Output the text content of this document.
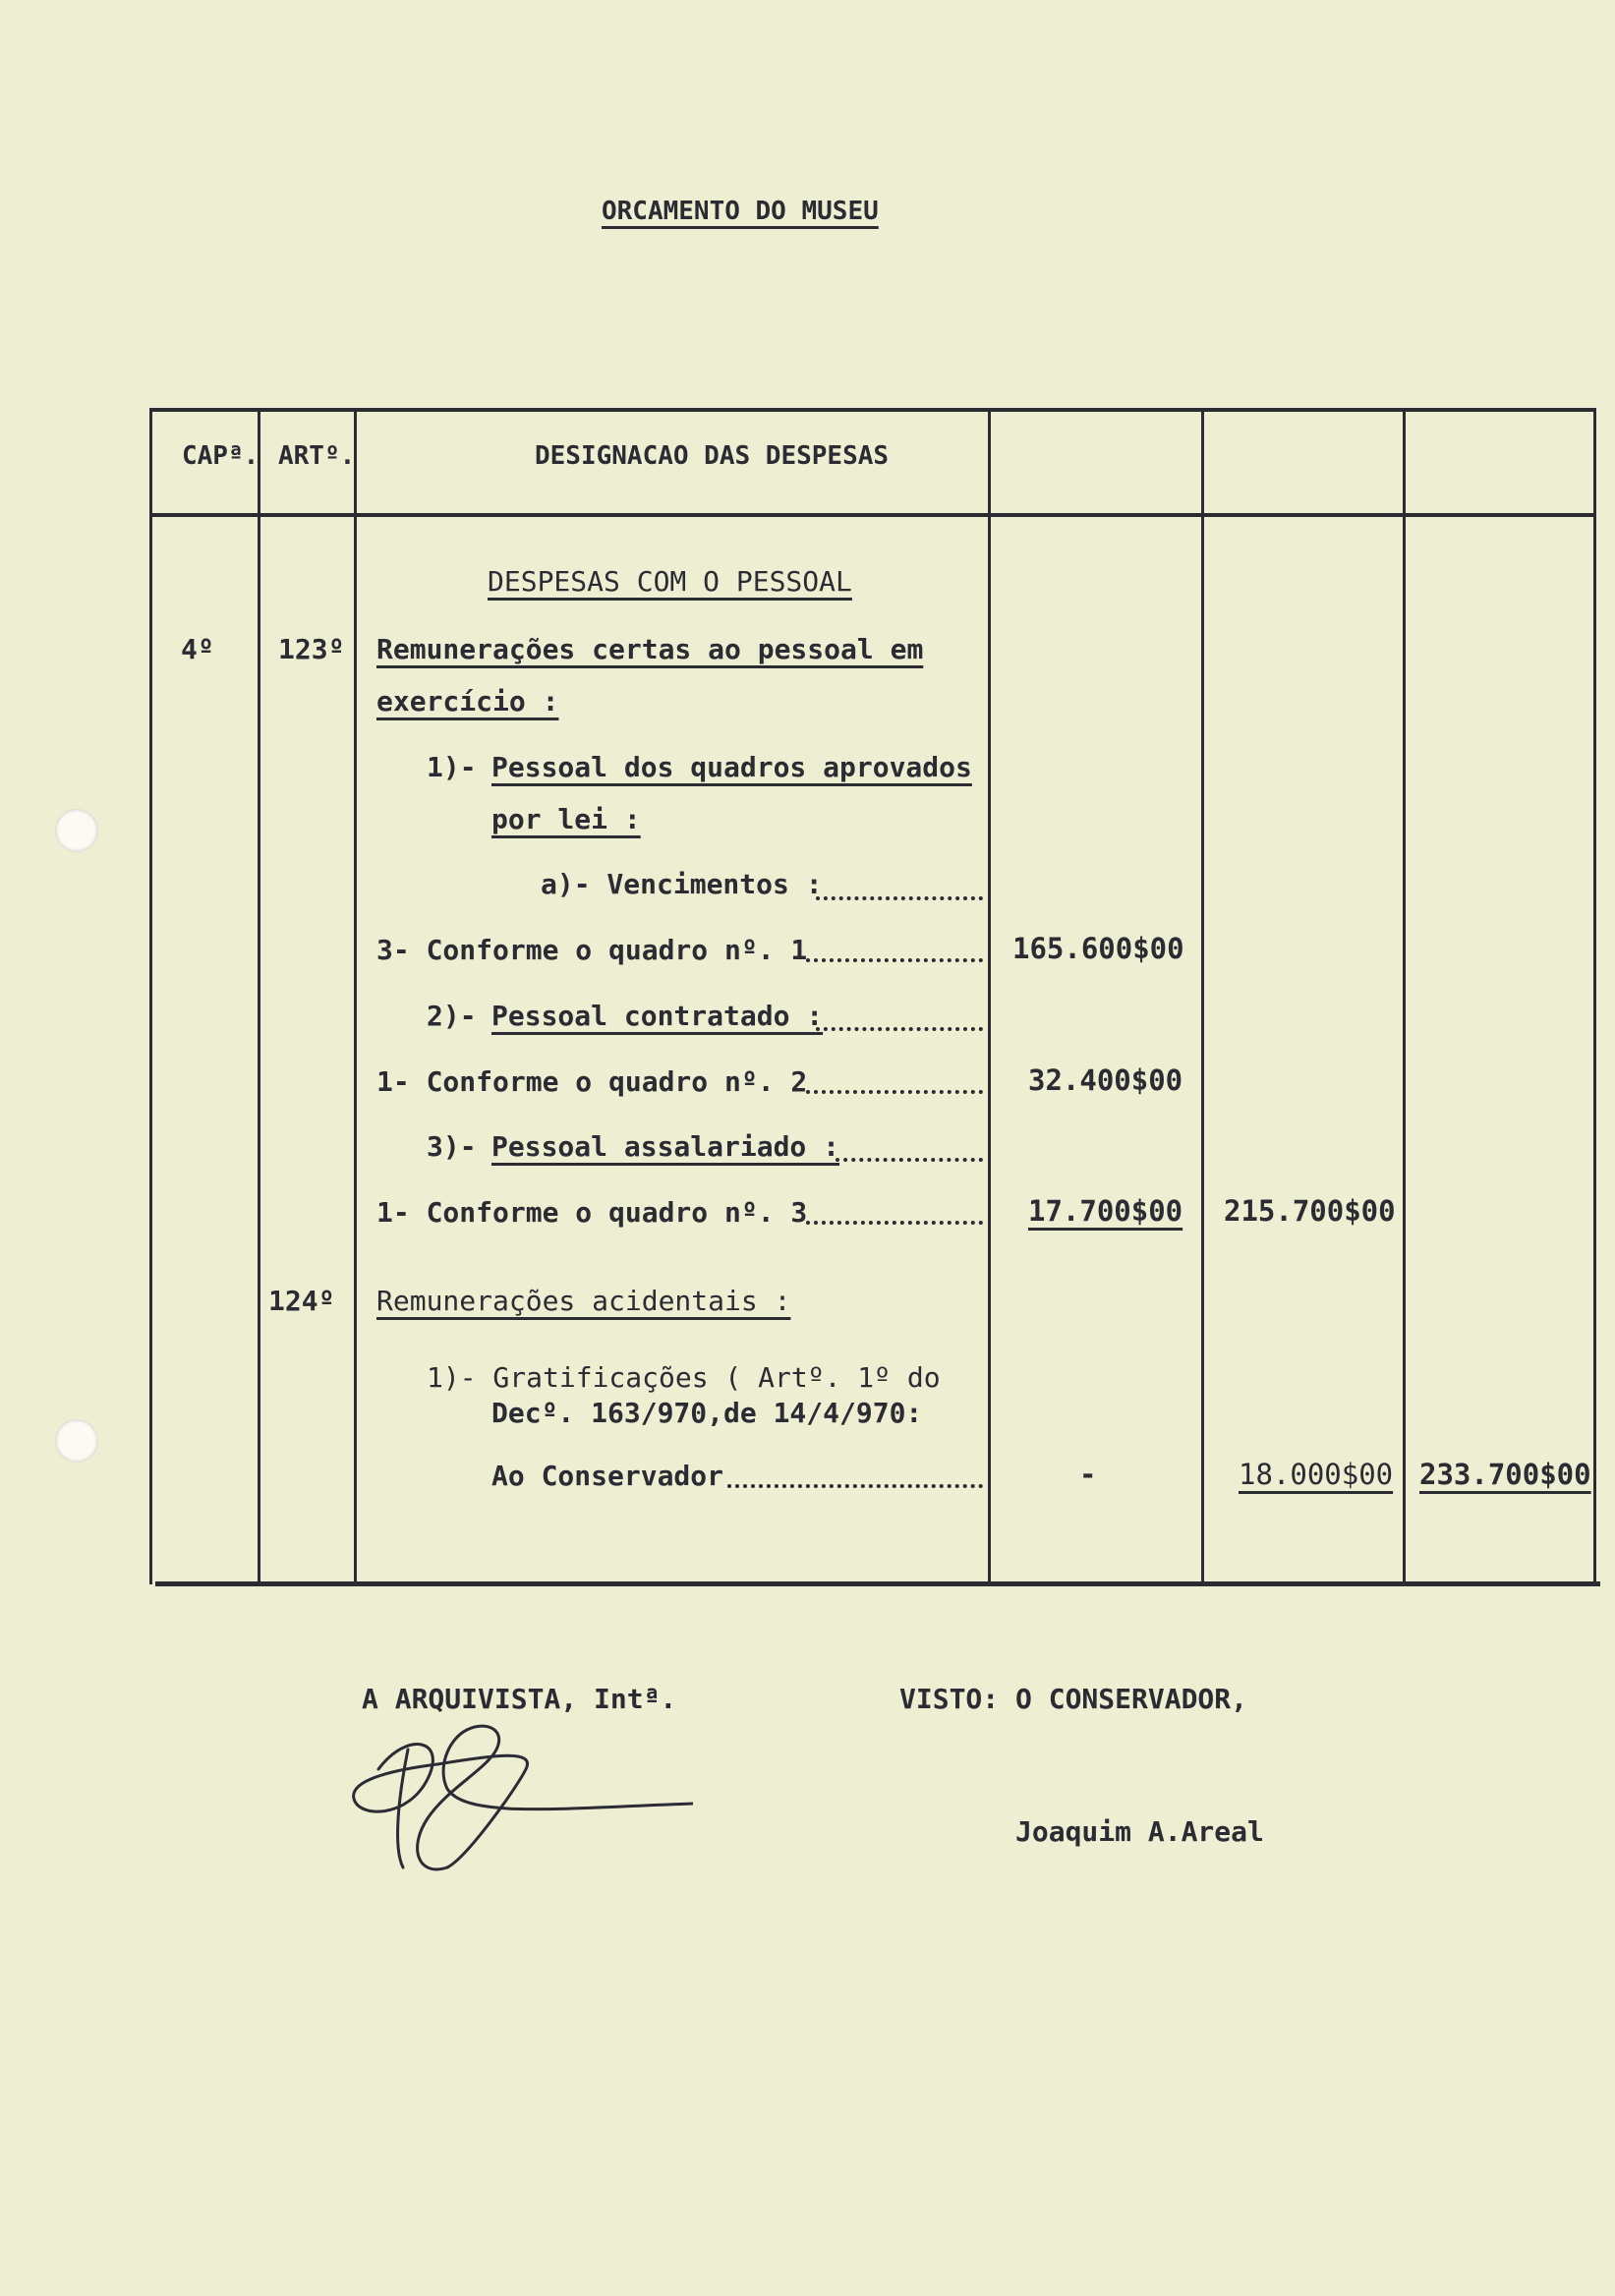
ORCAMENTO DO MUSEU
CAPª. ARTº.	DESIGNACAO DAS DESPESAS
DESPESAS COM O PESSOAL
4º 123º Remunerações certas ao pessoal em
exercício :
1)- Pessoal dos quadros aprovados
por lei :
a)- Vencimentos :
3- Conforme o quadro nº. 1	165.600$00
2)- Pessoal contratado :
1- Conforme o quadro nº. 2	32.400$00
3)- Pessoal assalariado :
1- Conforme o quadro nº. 3	17.700$00 215.700$00
124º Remunerações acidentais :
1)- Gratificações ( Artº. 1º do
Decº. 163/970,de 14/4/970:
Ao Conservador	-	18.000$00 233.700$00
A ARQUIVISTA, Intª.	VISTO: O CONSERVADOR,
Joaquim A.Areal
